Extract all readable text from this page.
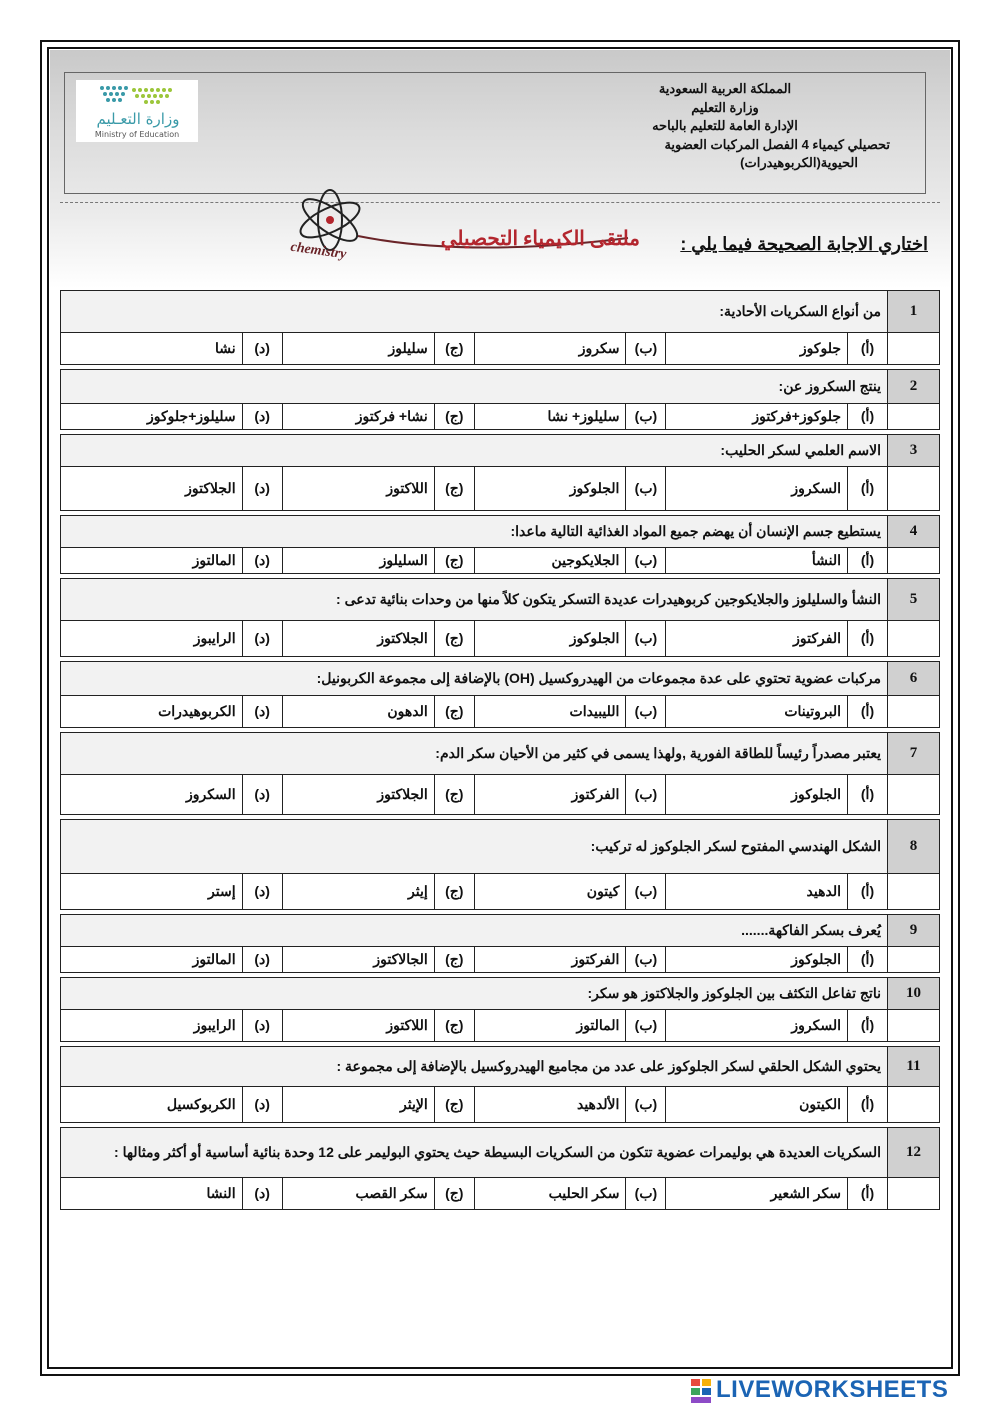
وزارة التعـليم
Ministry of Education
المملكة العربية السعودية
وزارة التعليم
الإدارة العامة للتعليم بالباحه
تحصيلي كيمياء 4 الفصل المركبات العضوية
الحيوية(الكربوهيدرات)
ملتقى الكيمياء التحصيلي
chemistry	اختاري الاجابة الصحيحة فيما يلي :
1	من أنواع السكريات الأحادية:							
	(أ)	جلوكوز	(ب)	سكروز	(ج)	سليلوز	(د)	نشا

2	ينتج السكروز عن:							
	(أ)	جلوكوز+فركتوز	(ب)	سليلوز+ نشا	(ج)	نشا+ فركتوز	(د)	سليلوز+جلوكوز

3	الاسم العلمي لسكر الحليب:							
	(أ)	السكروز	(ب)	الجلوكوز	(ج)	اللاكتوز	(د)	الجلاكتوز

4	يستطيع جسم الإنسان أن يهضم جميع المواد الغذائية التالية ماعدا:							
	(أ)	النشأ	(ب)	الجلايكوجين	(ج)	السليلوز	(د)	المالتوز

5	النشأ والسليلوز والجلايكوجين كربوهيدرات عديدة التسكر يتكون كلاً منها من وحدات بنائية تدعى :							
	(أ)	الفركتوز	(ب)	الجلوكوز	(ج)	الجلاكتوز	(د)	الرايبوز

6	مركبات عضوية تحتوي على عدة مجموعات من الهيدروكسيل (OH) بالإضافة إلى مجموعة الكربونيل:							
	(أ)	البروتينات	(ب)	الليبيدات	(ج)	الدهون	(د)	الكربوهيدرات

7	يعتبر مصدراً رئيساً للطاقة الفورية ,ولهذا يسمى في كثير من الأحيان سكر الدم:							
	(أ)	الجلوكوز	(ب)	الفركتوز	(ج)	الجلاكتوز	(د)	السكروز

8	الشكل الهندسي المفتوح لسكر الجلوكوز له تركيب:							
	(أ)	الدهيد	(ب)	كيتون	(ج)	إيثر	(د)	إستر

9	يُعرف بسكر الفاكهة.......							
	(أ)	الجلوكوز	(ب)	الفركتوز	(ج)	الجالاكتوز	(د)	المالتوز

10	ناتج تفاعل التكثف بين الجلوكوز والجلاكتوز هو سكر:							
	(أ)	السكروز	(ب)	المالتوز	(ج)	اللاكتوز	(د)	الرايبوز

11	يحتوي الشكل الحلقي لسكر الجلوكوز على عدد من مجاميع الهيدروكسيل بالإضافة إلى مجموعة :							
	(أ)	الكيتون	(ب)	الألدهيد	(ج)	الإيثر	(د)	الكربوكسيل

12	السكريات العديدة هي بوليمرات عضوية تتكون من السكريات البسيطة حيث يحتوي البوليمر على 12 وحدة بنائية أساسية أو أكثر ومثالها :							
	(أ)	سكر الشعير	(ب)	سكر الحليب	(ج)	سكر القصب	(د)	النشا
LIVEWORKSHEETS
